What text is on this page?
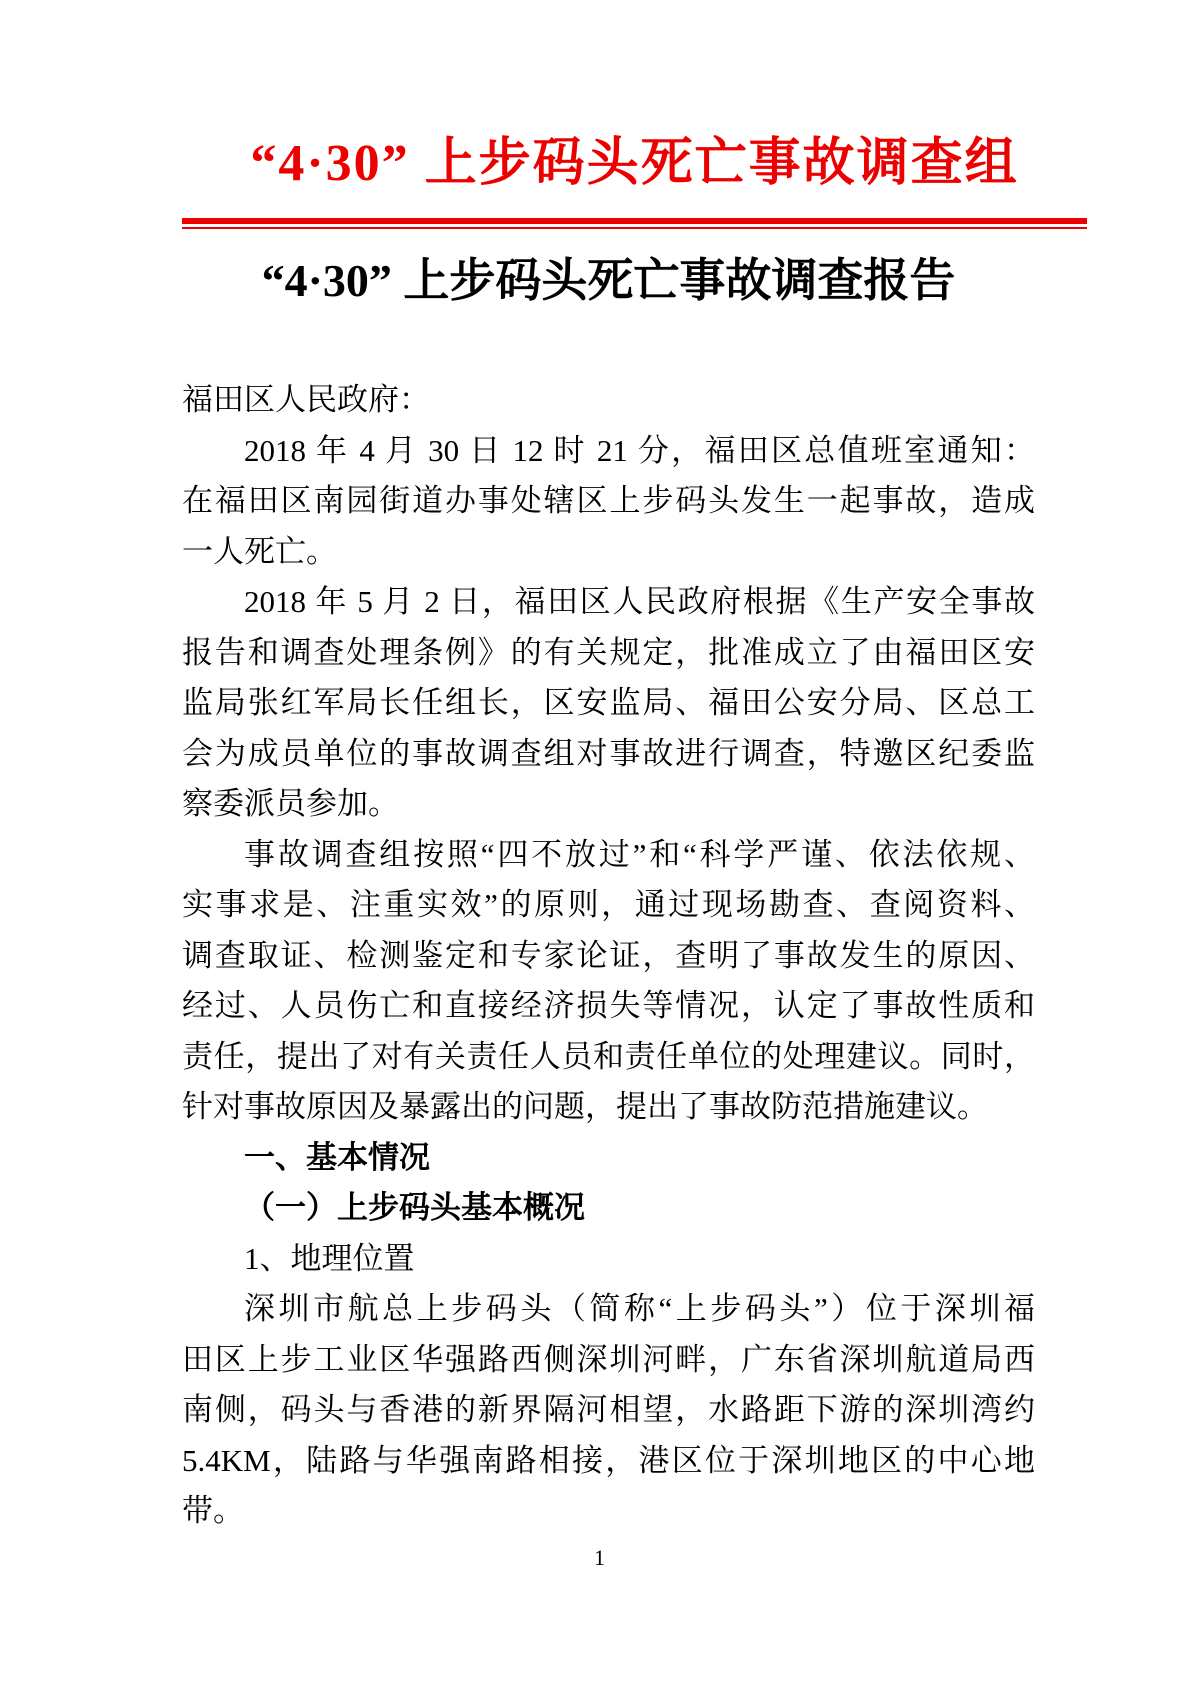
“4·30” 上步码头死亡事故调查组
“4·30” 上步码头死亡事故调查报告
福田区人民政府：
2018 年 4 月 30 日 12 时 21 分，福田区总值班室通知：
在福田区南园街道办事处辖区上步码头发生一起事故，造成
一人死亡。
2018 年 5 月 2 日，福田区人民政府根据《生产安全事故
报告和调查处理条例》的有关规定，批准成立了由福田区安
监局张红军局长任组长，区安监局、福田公安分局、区总工
会为成员单位的事故调查组对事故进行调查，特邀区纪委监
察委派员参加。
事故调查组按照“四不放过”和“科学严谨、依法依规、
实事求是、注重实效”的原则，通过现场勘查、查阅资料、
调查取证、检测鉴定和专家论证，查明了事故发生的原因、
经过、人员伤亡和直接经济损失等情况，认定了事故性质和
责任，提出了对有关责任人员和责任单位的处理建议。同时，
针对事故原因及暴露出的问题，提出了事故防范措施建议。
一、基本情况
（一）上步码头基本概况
1、地理位置
深圳市航总上步码头（简称“上步码头”）位于深圳福
田区上步工业区华强路西侧深圳河畔，广东省深圳航道局西
南侧，码头与香港的新界隔河相望，水路距下游的深圳湾约
5.4KM，陆路与华强南路相接，港区位于深圳地区的中心地
带。
1
